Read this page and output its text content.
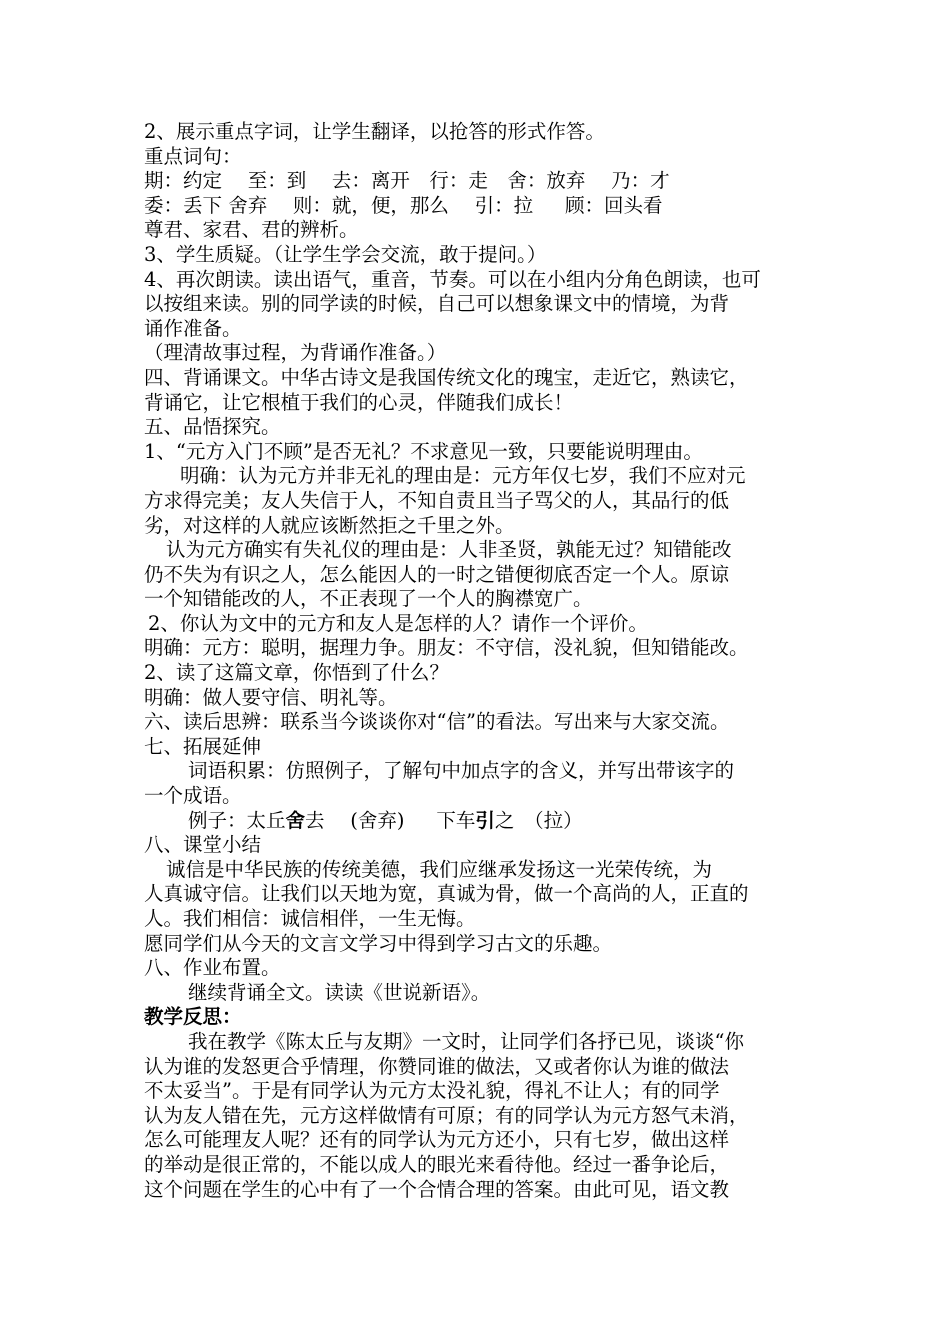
2、展示重点字词，让学生翻译，以抢答的形式作答。
重点词句：
期：约定　 至：到　 去：离开　行：走　舍：放弃　 乃：才
委：丢下 舍弃　 则：就，便，那么　 引：拉　  顾：回头看
尊君、家君、君的辨析。
3、学生质疑。（让学生学会交流，敢于提问。）
4、再次朗读。读出语气，重音，节奏。可以在小组内分角色朗读，也可
以按组来读。别的同学读的时候，自己可以想象课文中的情境，为背
诵作准备。
（理清故事过程，为背诵作准备。）
四、背诵课文。中华古诗文是我国传统文化的瑰宝，走近它，熟读它，
背诵它，让它根植于我们的心灵，伴随我们成长！
五、品悟探究。
1、“元方入门不顾”是否无礼？不求意见一致，只要能说明理由。
明确：认为元方并非无礼的理由是：元方年仅七岁，我们不应对元
方求得完美；友人失信于人，不知自责且当子骂父的人，其品行的低
劣，对这样的人就应该断然拒之千里之外。
认为元方确实有失礼仪的理由是：人非圣贤，孰能无过？知错能改
仍不失为有识之人，怎么能因人的一时之错便彻底否定一个人。原谅
一个知错能改的人，不正表现了一个人的胸襟宽广。
2、你认为文中的元方和友人是怎样的人？请作一个评价。
明确：元方：聪明，据理力争。朋友：不守信，没礼貌，但知错能改。
2、读了这篇文章，你悟到了什么？
明确：做人要守信、明礼等。
六、读后思辨：联系当今谈谈你对“信”的看法。写出来与大家交流。
七、拓展延伸
词语积累：仿照例子，了解句中加点字的含义，并写出带该字的
一个成语。
例子：太丘舍去　 (舍弃)　  下车引之　（拉）
八、课堂小结
诚信是中华民族的传统美德，我们应继承发扬这一光荣传统，为
人真诚守信。让我们以天地为宽，真诚为骨，做一个高尚的人，正直的
人。我们相信：诚信相伴，一生无悔。
愿同学们从今天的文言文学习中得到学习古文的乐趣。
八、作业布置。
继续背诵全文。读读《世说新语》。
教学反思：
我在教学《陈太丘与友期》一文时，让同学们各抒已见，谈谈“你
认为谁的发怒更合乎情理，你赞同谁的做法，又或者你认为谁的做法
不太妥当”。于是有同学认为元方太没礼貌，得礼不让人；有的同学
认为友人错在先，元方这样做情有可原；有的同学认为元方怒气未消，
怎么可能理友人呢？还有的同学认为元方还小，只有七岁，做出这样
的举动是很正常的，不能以成人的眼光来看待他。经过一番争论后，
这个问题在学生的心中有了一个合情合理的答案。由此可见，语文教
